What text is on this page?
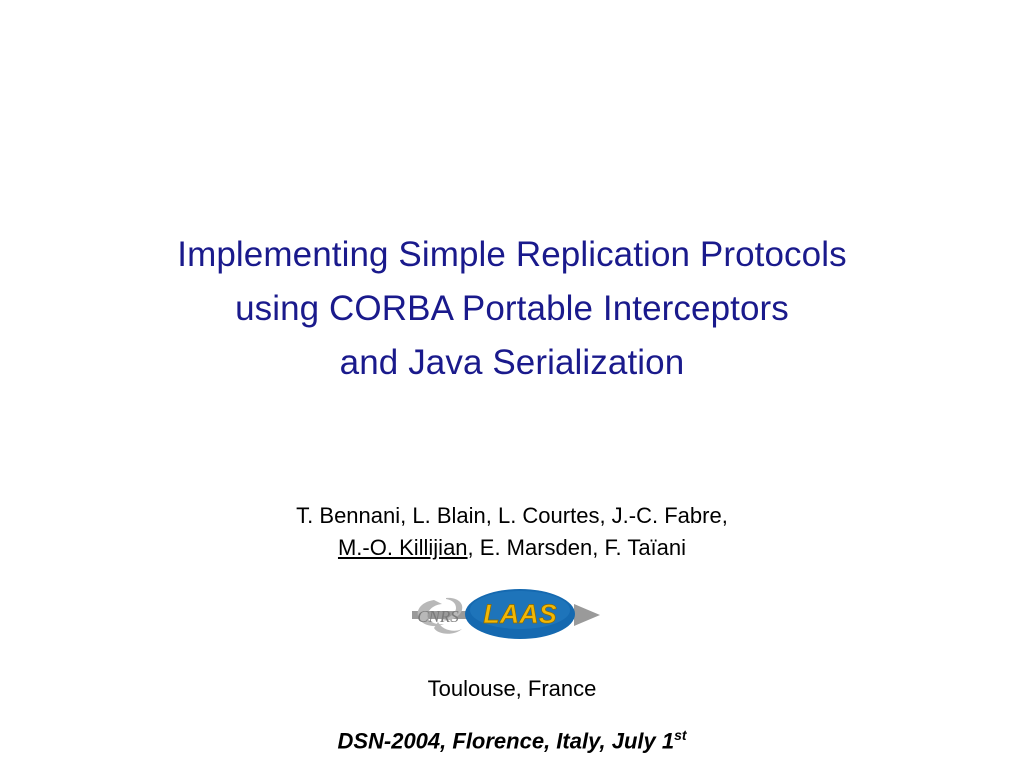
Implementing Simple Replication Protocols
using CORBA Portable Interceptors
and Java Serialization
T. Bennani, L. Blain, L. Courtes, J.-C. Fabre,
M.-O. Killijian, E. Marsden, F. Taïani
CNRS LAAS
Toulouse, France
DSN-2004, Florence, Italy, July 1st
